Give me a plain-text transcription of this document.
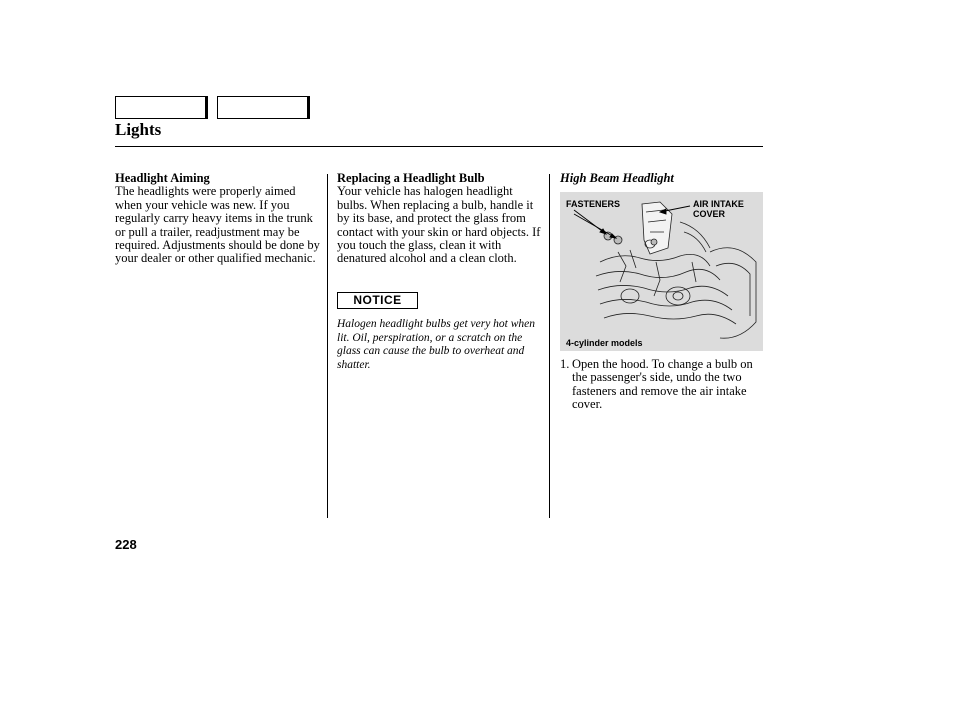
Lights
Headlight Aiming
The headlights were properly aimed when your vehicle was new. If you regularly carry heavy items in the trunk or pull a trailer, readjustment may be required. Adjustments should be done by your dealer or other qualified mechanic.
Replacing a Headlight Bulb
Your vehicle has halogen headlight bulbs. When replacing a bulb, handle it by its base, and protect the glass from contact with your skin or hard objects. If you touch the glass, clean it with denatured alcohol and a clean cloth.
NOTICE
Halogen headlight bulbs get very hot when lit. Oil, perspiration, or a scratch on the glass can cause the bulb to overheat and shatter.
High Beam Headlight
FASTENERS	AIR INTAKE
COVER
4-cylinder models
1. Open the hood. To change a bulb on the passenger's side, undo the two fasteners and remove the air intake cover.
228
